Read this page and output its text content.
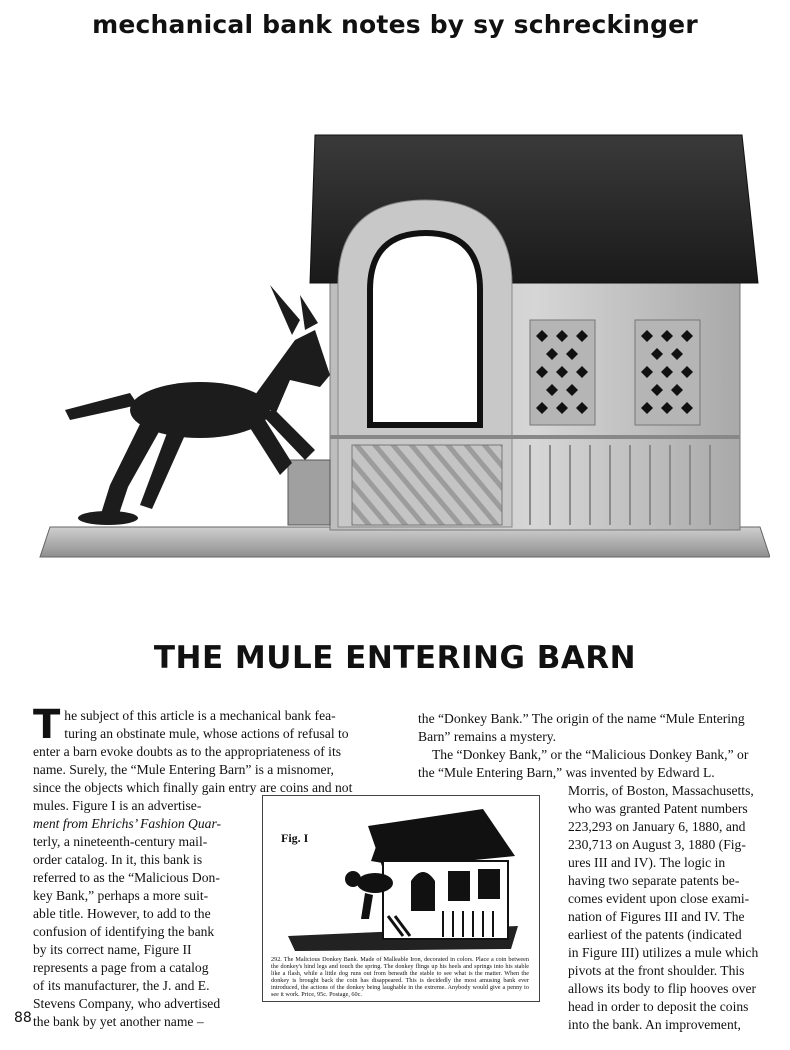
mechanical bank notes by sy schreckinger
THE MULE ENTERING BARN
T he subject of this article is a mechanical bank fea-
turing an obstinate mule, whose actions of refusal to
enter a barn evoke doubts as to the appropriateness of its
name. Surely, the “Mule Entering Barn” is a misnomer,
since the objects which finally gain entry are coins and not
mules. Figure I is an advertise-
ment from Ehrichs’ Fashion Quar-
terly, a nineteenth-century mail-
order catalog. In it, this bank is
referred to as the “Malicious Don-
key Bank,” perhaps a more suit-
able title. However, to add to the
confusion of identifying the bank
by its correct name, Figure II
represents a page from a catalog
of its manufacturer, the J. and E.
Stevens Company, who advertised
the bank by yet another name –
the “Donkey Bank.” The origin of the name “Mule Entering
Barn” remains a mystery.
The “Donkey Bank,” or the “Malicious Donkey Bank,” or
the “Mule Entering Barn,” was invented by Edward L.
Morris, of Boston, Massachusetts,
who was granted Patent numbers
223,293 on January 6, 1880, and
230,713 on August 3, 1880 (Fig-
ures III and IV). The logic in
having two separate patents be-
comes evident upon close exami-
nation of Figures III and IV. The
earliest of the patents (indicated
in Figure III) utilizes a mule which
pivots at the front shoulder. This
allows its body to flip hooves over
head in order to deposit the coins
into the bank. An improvement,
Fig. I
292. The Malicious Donkey Bank. Made of Malleable Iron, decorated in colors. Place a coin between the donkey's hind legs and touch the spring. The donkey flings up his heels and springs into his stable like a flash, while a little dog runs out from beneath the stable to see what is the matter. When the donkey is brought back the coin has disappeared. This is decidedly the most amusing bank ever introduced, the actions of the donkey being laughable in the extreme. Anybody would give a penny to see it work. Price, 95c. Postage, 60c.
88
